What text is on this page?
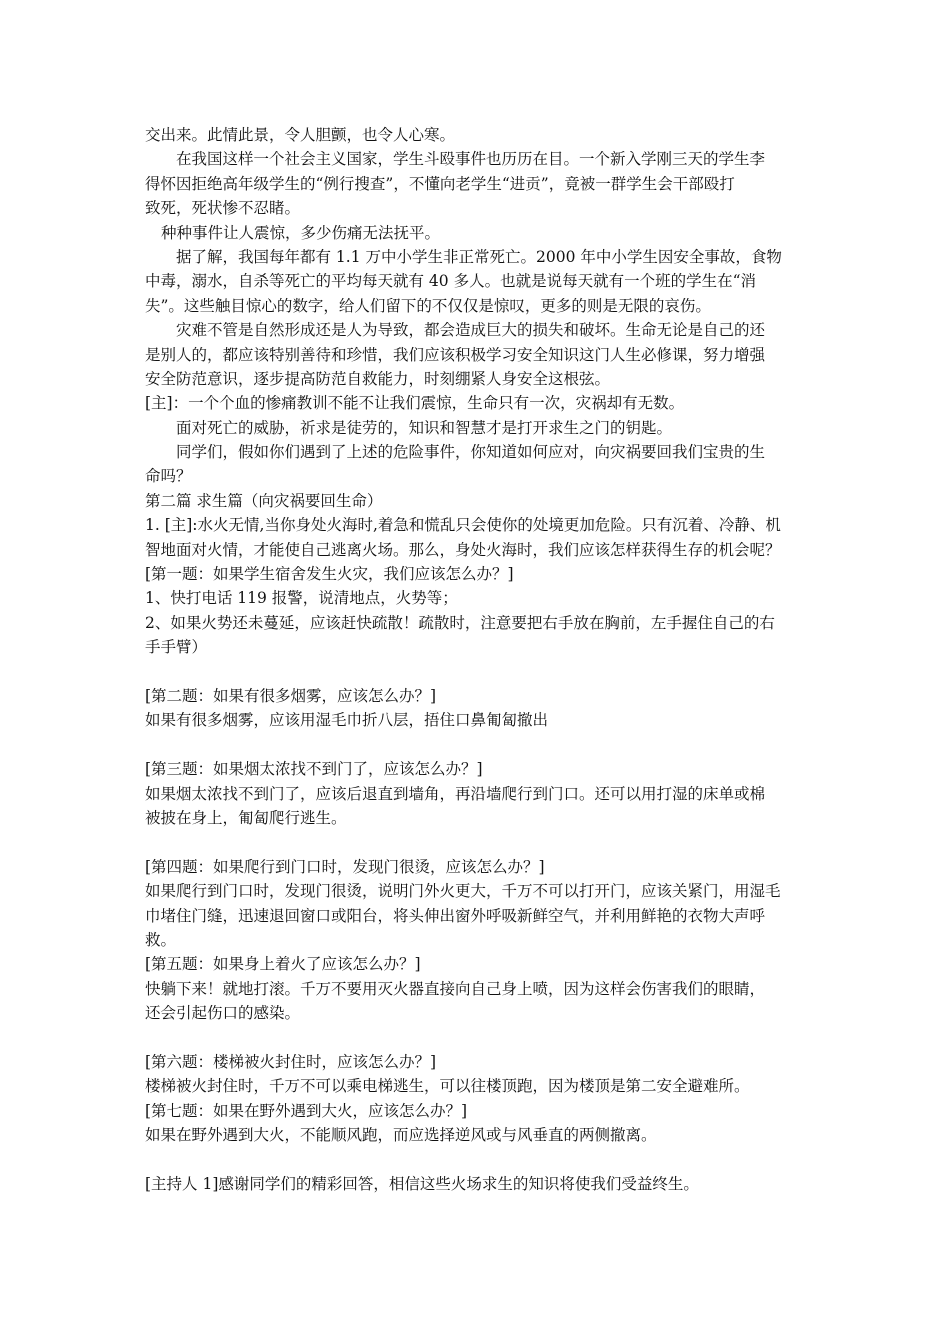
交出来。此情此景，令人胆颤，也令人心寒。
在我国这样一个社会主义国家，学生斗殴事件也历历在目。一个新入学刚三天的学生李
得怀因拒绝高年级学生的“例行搜查”，不懂向老学生“进贡”，竟被一群学生会干部殴打
致死，死状惨不忍睹。
种种事件让人震惊，多少伤痛无法抚平。
据了解，我国每年都有 1.1 万中小学生非正常死亡。2000 年中小学生因安全事故，食物
中毒，溺水，自杀等死亡的平均每天就有 40 多人。也就是说每天就有一个班的学生在“消
失”。这些触目惊心的数字，给人们留下的不仅仅是惊叹，更多的则是无限的哀伤。
灾难不管是自然形成还是人为导致，都会造成巨大的损失和破坏。生命无论是自己的还
是别人的，都应该特别善待和珍惜，我们应该积极学习安全知识这门人生必修课，努力增强
安全防范意识，逐步提高防范自救能力，时刻绷紧人身安全这根弦。
[主]：一个个血的惨痛教训不能不让我们震惊，生命只有一次，灾祸却有无数。
面对死亡的威胁，祈求是徒劳的，知识和智慧才是打开求生之门的钥匙。
同学们，假如你们遇到了上述的危险事件，你知道如何应对，向灾祸要回我们宝贵的生
命吗？
第二篇 求生篇（向灾祸要回生命）
1. [主]:水火无情,当你身处火海时,着急和慌乱只会使你的处境更加危险。只有沉着、冷静、机
智地面对火情，才能使自己逃离火场。那么，身处火海时，我们应该怎样获得生存的机会呢？
[第一题：如果学生宿舍发生火灾，我们应该怎么办？]
1、快打电话 119 报警，说清地点，火势等；
2、如果火势还未蔓延，应该赶快疏散！疏散时，注意要把右手放在胸前，左手握住自己的右
手手臂）
[第二题：如果有很多烟雾，应该怎么办？]
如果有很多烟雾，应该用湿毛巾折八层，捂住口鼻匍匐撤出
[第三题：如果烟太浓找不到门了，应该怎么办？]
如果烟太浓找不到门了，应该后退直到墙角，再沿墙爬行到门口。还可以用打湿的床单或棉
被披在身上，匍匐爬行逃生。
[第四题：如果爬行到门口时，发现门很烫，应该怎么办？]
如果爬行到门口时，发现门很烫，说明门外火更大，千万不可以打开门，应该关紧门，用湿毛
巾堵住门缝，迅速退回窗口或阳台，将头伸出窗外呼吸新鲜空气，并利用鲜艳的衣物大声呼
救。
[第五题：如果身上着火了应该怎么办？]
快躺下来！就地打滚。千万不要用灭火器直接向自己身上喷，因为这样会伤害我们的眼睛，
还会引起伤口的感染。
[第六题：楼梯被火封住时，应该怎么办？]
楼梯被火封住时，千万不可以乘电梯逃生，可以往楼顶跑，因为楼顶是第二安全避难所。
[第七题：如果在野外遇到大火，应该怎么办？]
如果在野外遇到大火，不能顺风跑，而应选择逆风或与风垂直的两侧撤离。
[主持人 1]感谢同学们的精彩回答，相信这些火场求生的知识将使我们受益终生。
